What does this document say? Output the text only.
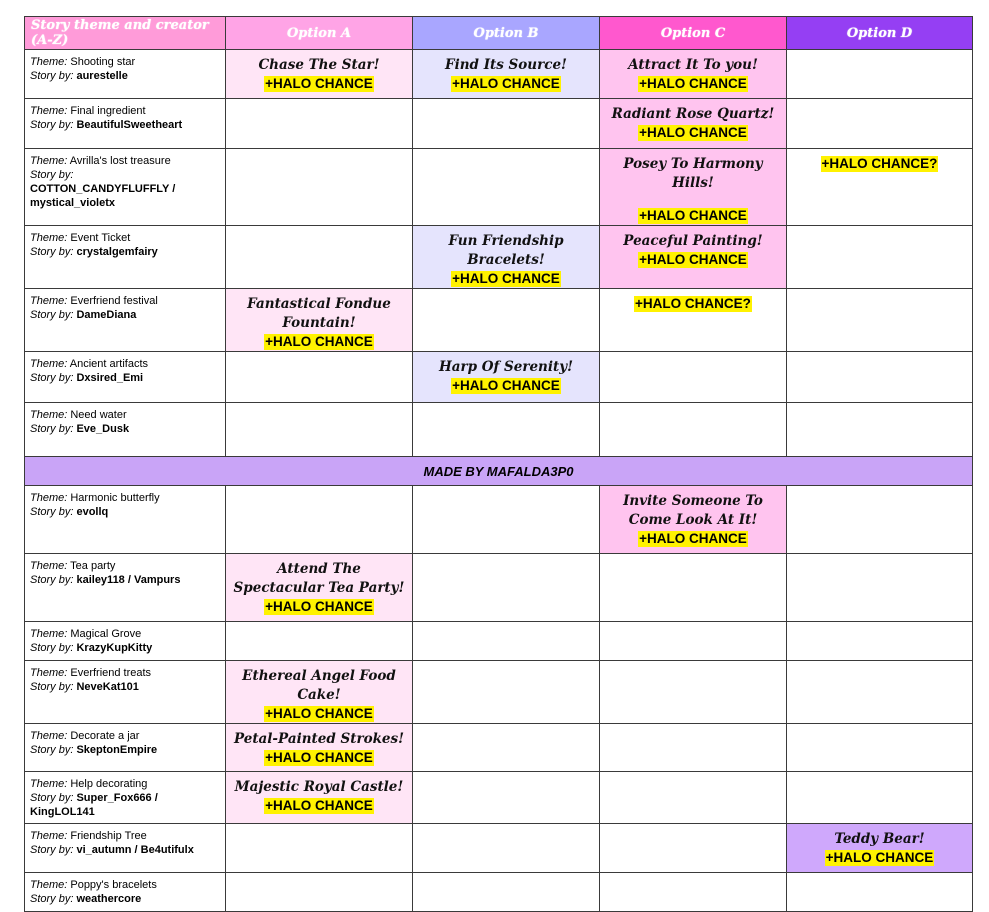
Story theme and creator (A-Z)	Option A	Option B	Option C	Option D
Theme: Shooting star
Story by: aurestelle	Chase The Star!
+HALO CHANCE	Find Its Source!
+HALO CHANCE	Attract It To you!
+HALO CHANCE	
Theme: Final ingredient
Story by: BeautifulSweetheart			Radiant Rose Quartz!
+HALO CHANCE	
Theme: Avrilla's lost treasure
Story by:
COTTON_CANDYFLUFFLY / mystical_violetx			Posey To Harmony Hills!
+HALO CHANCE	+HALO CHANCE?
Theme: Event Ticket
Story by: crystalgemfairy		Fun Friendship Bracelets!
+HALO CHANCE	Peaceful Painting!
+HALO CHANCE	
Theme: Everfriend festival
Story by: DameDiana	Fantastical Fondue Fountain!
+HALO CHANCE		+HALO CHANCE?	
Theme: Ancient artifacts
Story by: Dxsired_Emi		Harp Of Serenity!
+HALO CHANCE		
Theme: Need water
Story by: Eve_Dusk				
MADE BY MAFALDA3P0				
Theme: Harmonic butterfly
Story by: evollq			Invite Someone To Come Look At It!
+HALO CHANCE	
Theme: Tea party
Story by: kailey118 / Vampurs	Attend The Spectacular Tea Party!
+HALO CHANCE			
Theme: Magical Grove
Story by: KrazyKupKitty				
Theme: Everfriend treats
Story by: NeveKat101	Ethereal Angel Food Cake!
+HALO CHANCE			
Theme: Decorate a jar
Story by: SkeptonEmpire	Petal-Painted Strokes!
+HALO CHANCE			
Theme: Help decorating
Story by: Super_Fox666 / KingLOL141	Majestic Royal Castle!
+HALO CHANCE			
Theme: Friendship Tree
Story by: vi_autumn / Be4utifulx				Teddy Bear!
+HALO CHANCE
Theme: Poppy's bracelets
Story by: weathercore				
